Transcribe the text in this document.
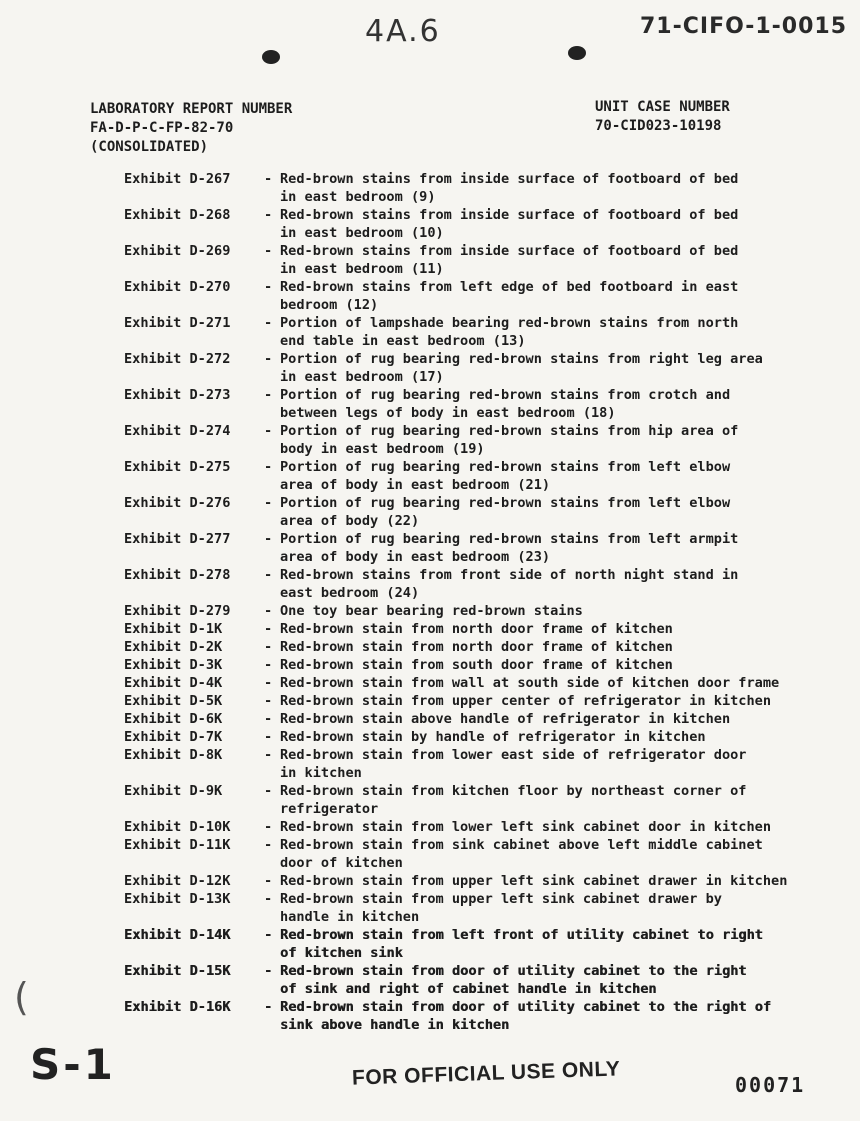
4A.6	71-CIFO-1-0015
LABORATORY REPORT NUMBER
FA-D-P-C-FP-82-70
(CONSOLIDATED)
UNIT CASE NUMBER
70-CID023-10198
Exhibit D-267	- Red-brown stains from inside surface of footboard of bed
in east bedroom (9)
Exhibit D-268	- Red-brown stains from inside surface of footboard of bed
in east bedroom (10)
Exhibit D-269	- Red-brown stains from inside surface of footboard of bed
in east bedroom (11)
Exhibit D-270	- Red-brown stains from left edge of bed footboard in east
bedroom (12)
Exhibit D-271	- Portion of lampshade bearing red-brown stains from north
end table in east bedroom (13)
Exhibit D-272	- Portion of rug bearing red-brown stains from right leg area
in east bedroom (17)
Exhibit D-273	- Portion of rug bearing red-brown stains from crotch and
between legs of body in east bedroom (18)
Exhibit D-274	- Portion of rug bearing red-brown stains from hip area of
body in east bedroom (19)
Exhibit D-275	- Portion of rug bearing red-brown stains from left elbow
area of body in east bedroom (21)
Exhibit D-276	- Portion of rug bearing red-brown stains from left elbow
area of body (22)
Exhibit D-277	- Portion of rug bearing red-brown stains from left armpit
area of body in east bedroom (23)
Exhibit D-278	- Red-brown stains from front side of north night stand in
east bedroom (24)
Exhibit D-279	- One toy bear bearing red-brown stains
Exhibit D-1K	- Red-brown stain from north door frame of kitchen
Exhibit D-2K	- Red-brown stain from north door frame of kitchen
Exhibit D-3K	- Red-brown stain from south door frame of kitchen
Exhibit D-4K	- Red-brown stain from wall at south side of kitchen door frame
Exhibit D-5K	- Red-brown stain from upper center of refrigerator in kitchen
Exhibit D-6K	- Red-brown stain above handle of refrigerator in kitchen
Exhibit D-7K	- Red-brown stain by handle of refrigerator in kitchen
Exhibit D-8K	- Red-brown stain from lower east side of refrigerator door
in kitchen
Exhibit D-9K	- Red-brown stain from kitchen floor by northeast corner of
refrigerator
Exhibit D-10K	- Red-brown stain from lower left sink cabinet door in kitchen
Exhibit D-11K	- Red-brown stain from sink cabinet above left middle cabinet
door of kitchen
Exhibit D-12K	- Red-brown stain from upper left sink cabinet drawer in kitchen
Exhibit D-13K	- Red-brown stain from upper left sink cabinet drawer by
handle in kitchen
Exhibit D-14K	- Red-brown stain from left front of utility cabinet to right
of kitchen sink
Exhibit D-15K	- Red-brown stain from door of utility cabinet to the right
of sink and right of cabinet handle in kitchen
Exhibit D-16K	- Red-brown stain from door of utility cabinet to the right of
sink above handle in kitchen
(
S-1	FOR OFFICIAL USE ONLY	00071
